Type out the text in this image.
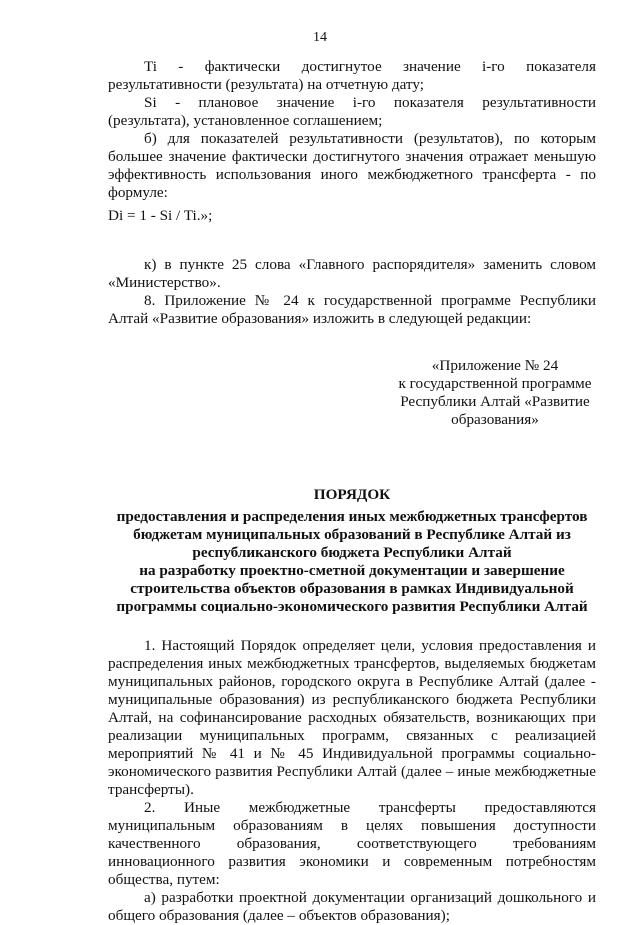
14

Ti - фактически достигнутое значение i-го показателя

результативности (результата) на отчетную дату;

Si - плановое значение i-го показателя результативности

(результата), установленное соглашением;

б) для показателей результативности (результатов), по которым большее значение фактически достигнутого значения отражает меньшую эффективность использования иного межбюджетного трансферта - по формуле:

Di = 1 - Si / Ti.»;

к) в пункте 25 слова «Главного распорядителя» заменить словом «Министерство».

8. Приложение № 24 к государственной программе Республики Алтай «Развитие образования» изложить в следующей редакции:

«Приложение № 24

к государственной программе

Республики Алтай «Развитие

образования»

ПОРЯДОК

предоставления и распределения иных межбюджетных трансфертов

бюджетам муниципальных образований в Республике Алтай из

республиканского бюджета Республики Алтай

на разработку проектно-сметной документации и завершение

строительства объектов образования в рамках Индивидуальной

программы социально-экономического развития Республики Алтай

1. Настоящий Порядок определяет цели, условия предоставления и распределения иных межбюджетных трансфертов, выделяемых бюджетам муниципальных районов, городского округа в Республике Алтай (далее - муниципальные образования) из республиканского бюджета Республики Алтай, на софинансирование расходных обязательств, возникающих при реализации муниципальных программ, связанных с реализацией мероприятий № 41 и № 45 Индивидуальной программы социально-экономического развития Республики Алтай (далее – иные межбюджетные трансферты).

2. Иные межбюджетные трансферты предоставляются муниципальным образованиям в целях повышения доступности качественного образования, соответствующего требованиям инновационного развития экономики и современным потребностям общества, путем:

а) разработки проектной документации организаций дошкольного и общего образования (далее – объектов образования);
